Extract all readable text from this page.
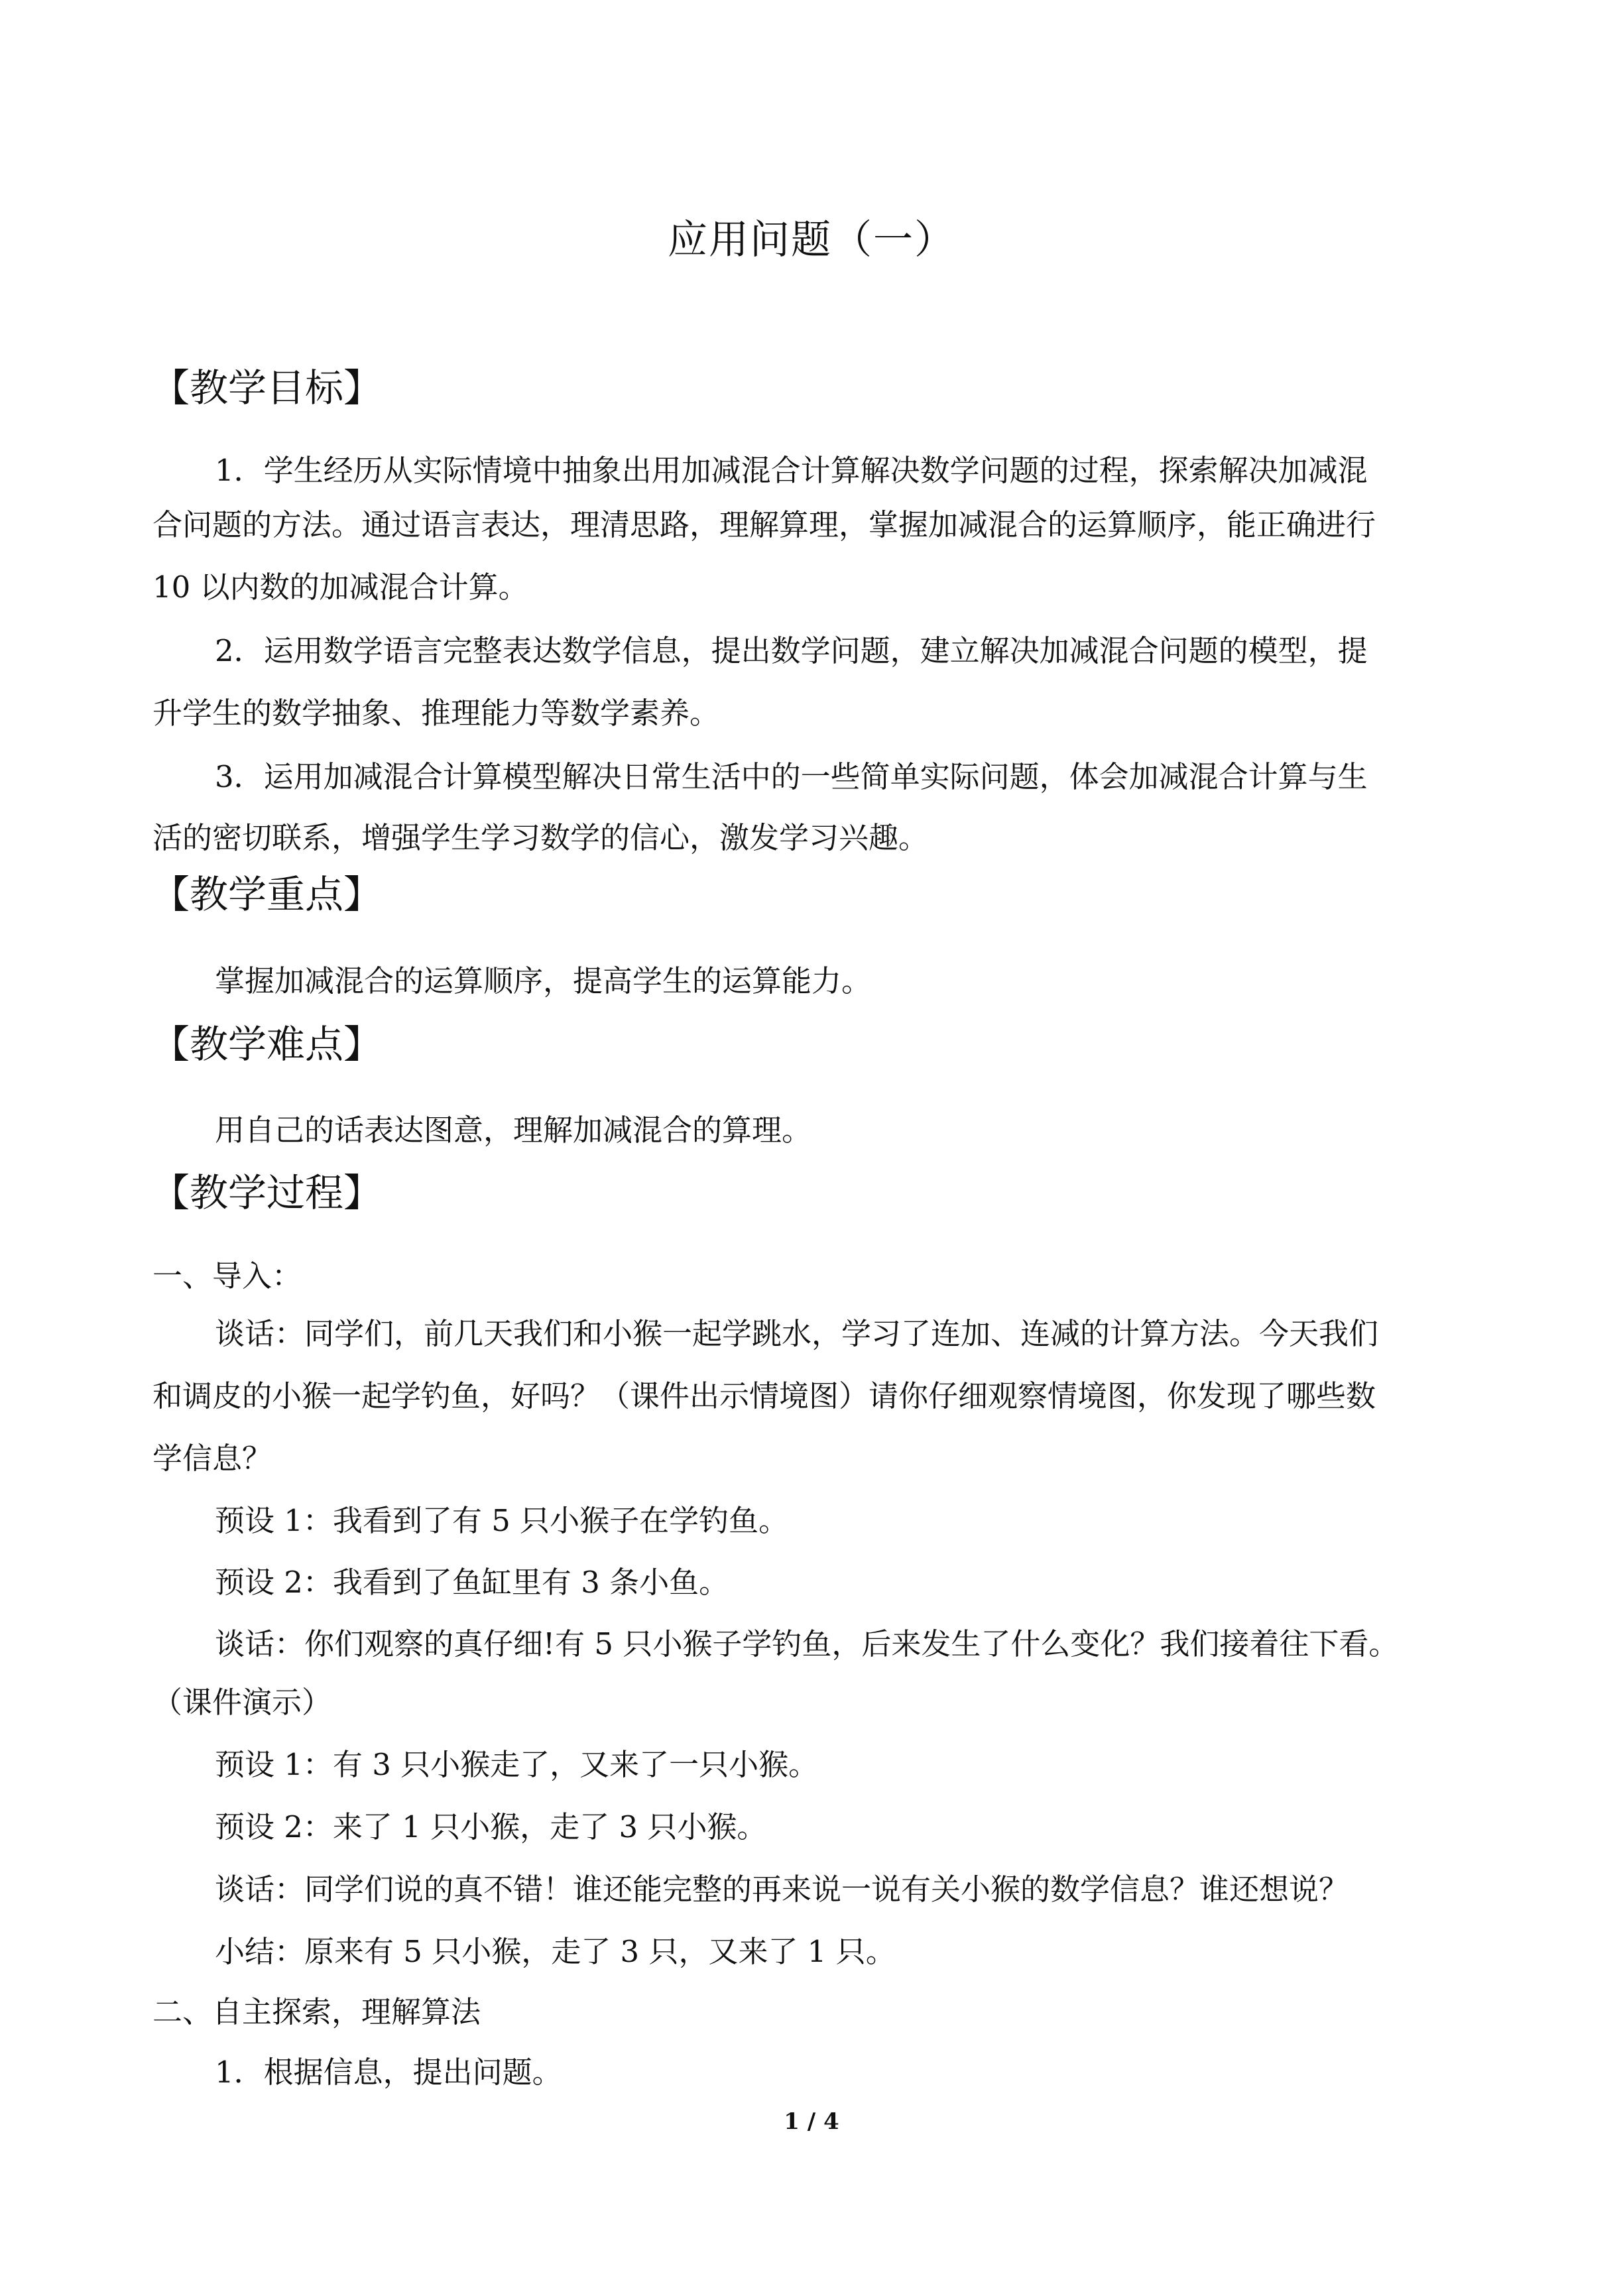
应用问题（一）
【教学目标】
1．学生经历从实际情境中抽象出用加减混合计算解决数学问题的过程，探索解决加减混
合问题的方法。通过语言表达，理清思路，理解算理，掌握加减混合的运算顺序，能正确进行
10 以内数的加减混合计算。
2．运用数学语言完整表达数学信息，提出数学问题，建立解决加减混合问题的模型，提
升学生的数学抽象、推理能力等数学素养。
3．运用加减混合计算模型解决日常生活中的一些简单实际问题，体会加减混合计算与生
活的密切联系，增强学生学习数学的信心，激发学习兴趣。
【教学重点】
掌握加减混合的运算顺序，提高学生的运算能力。
【教学难点】
用自己的话表达图意，理解加减混合的算理。
【教学过程】
一、导入：
谈话：同学们，前几天我们和小猴一起学跳水，学习了连加、连减的计算方法。今天我们
和调皮的小猴一起学钓鱼，好吗？（课件出示情境图）请你仔细观察情境图，你发现了哪些数
学信息？
预设 1：我看到了有 5 只小猴子在学钓鱼。
预设 2：我看到了鱼缸里有 3 条小鱼。
谈话：你们观察的真仔细!有 5 只小猴子学钓鱼，后来发生了什么变化？我们接着往下看。
（课件演示）
预设 1：有 3 只小猴走了，又来了一只小猴。
预设 2：来了 1 只小猴，走了 3 只小猴。
谈话：同学们说的真不错！谁还能完整的再来说一说有关小猴的数学信息？谁还想说？
小结：原来有 5 只小猴，走了 3 只，又来了 1 只。
二、自主探索，理解算法
1．根据信息，提出问题。
1 / 4
